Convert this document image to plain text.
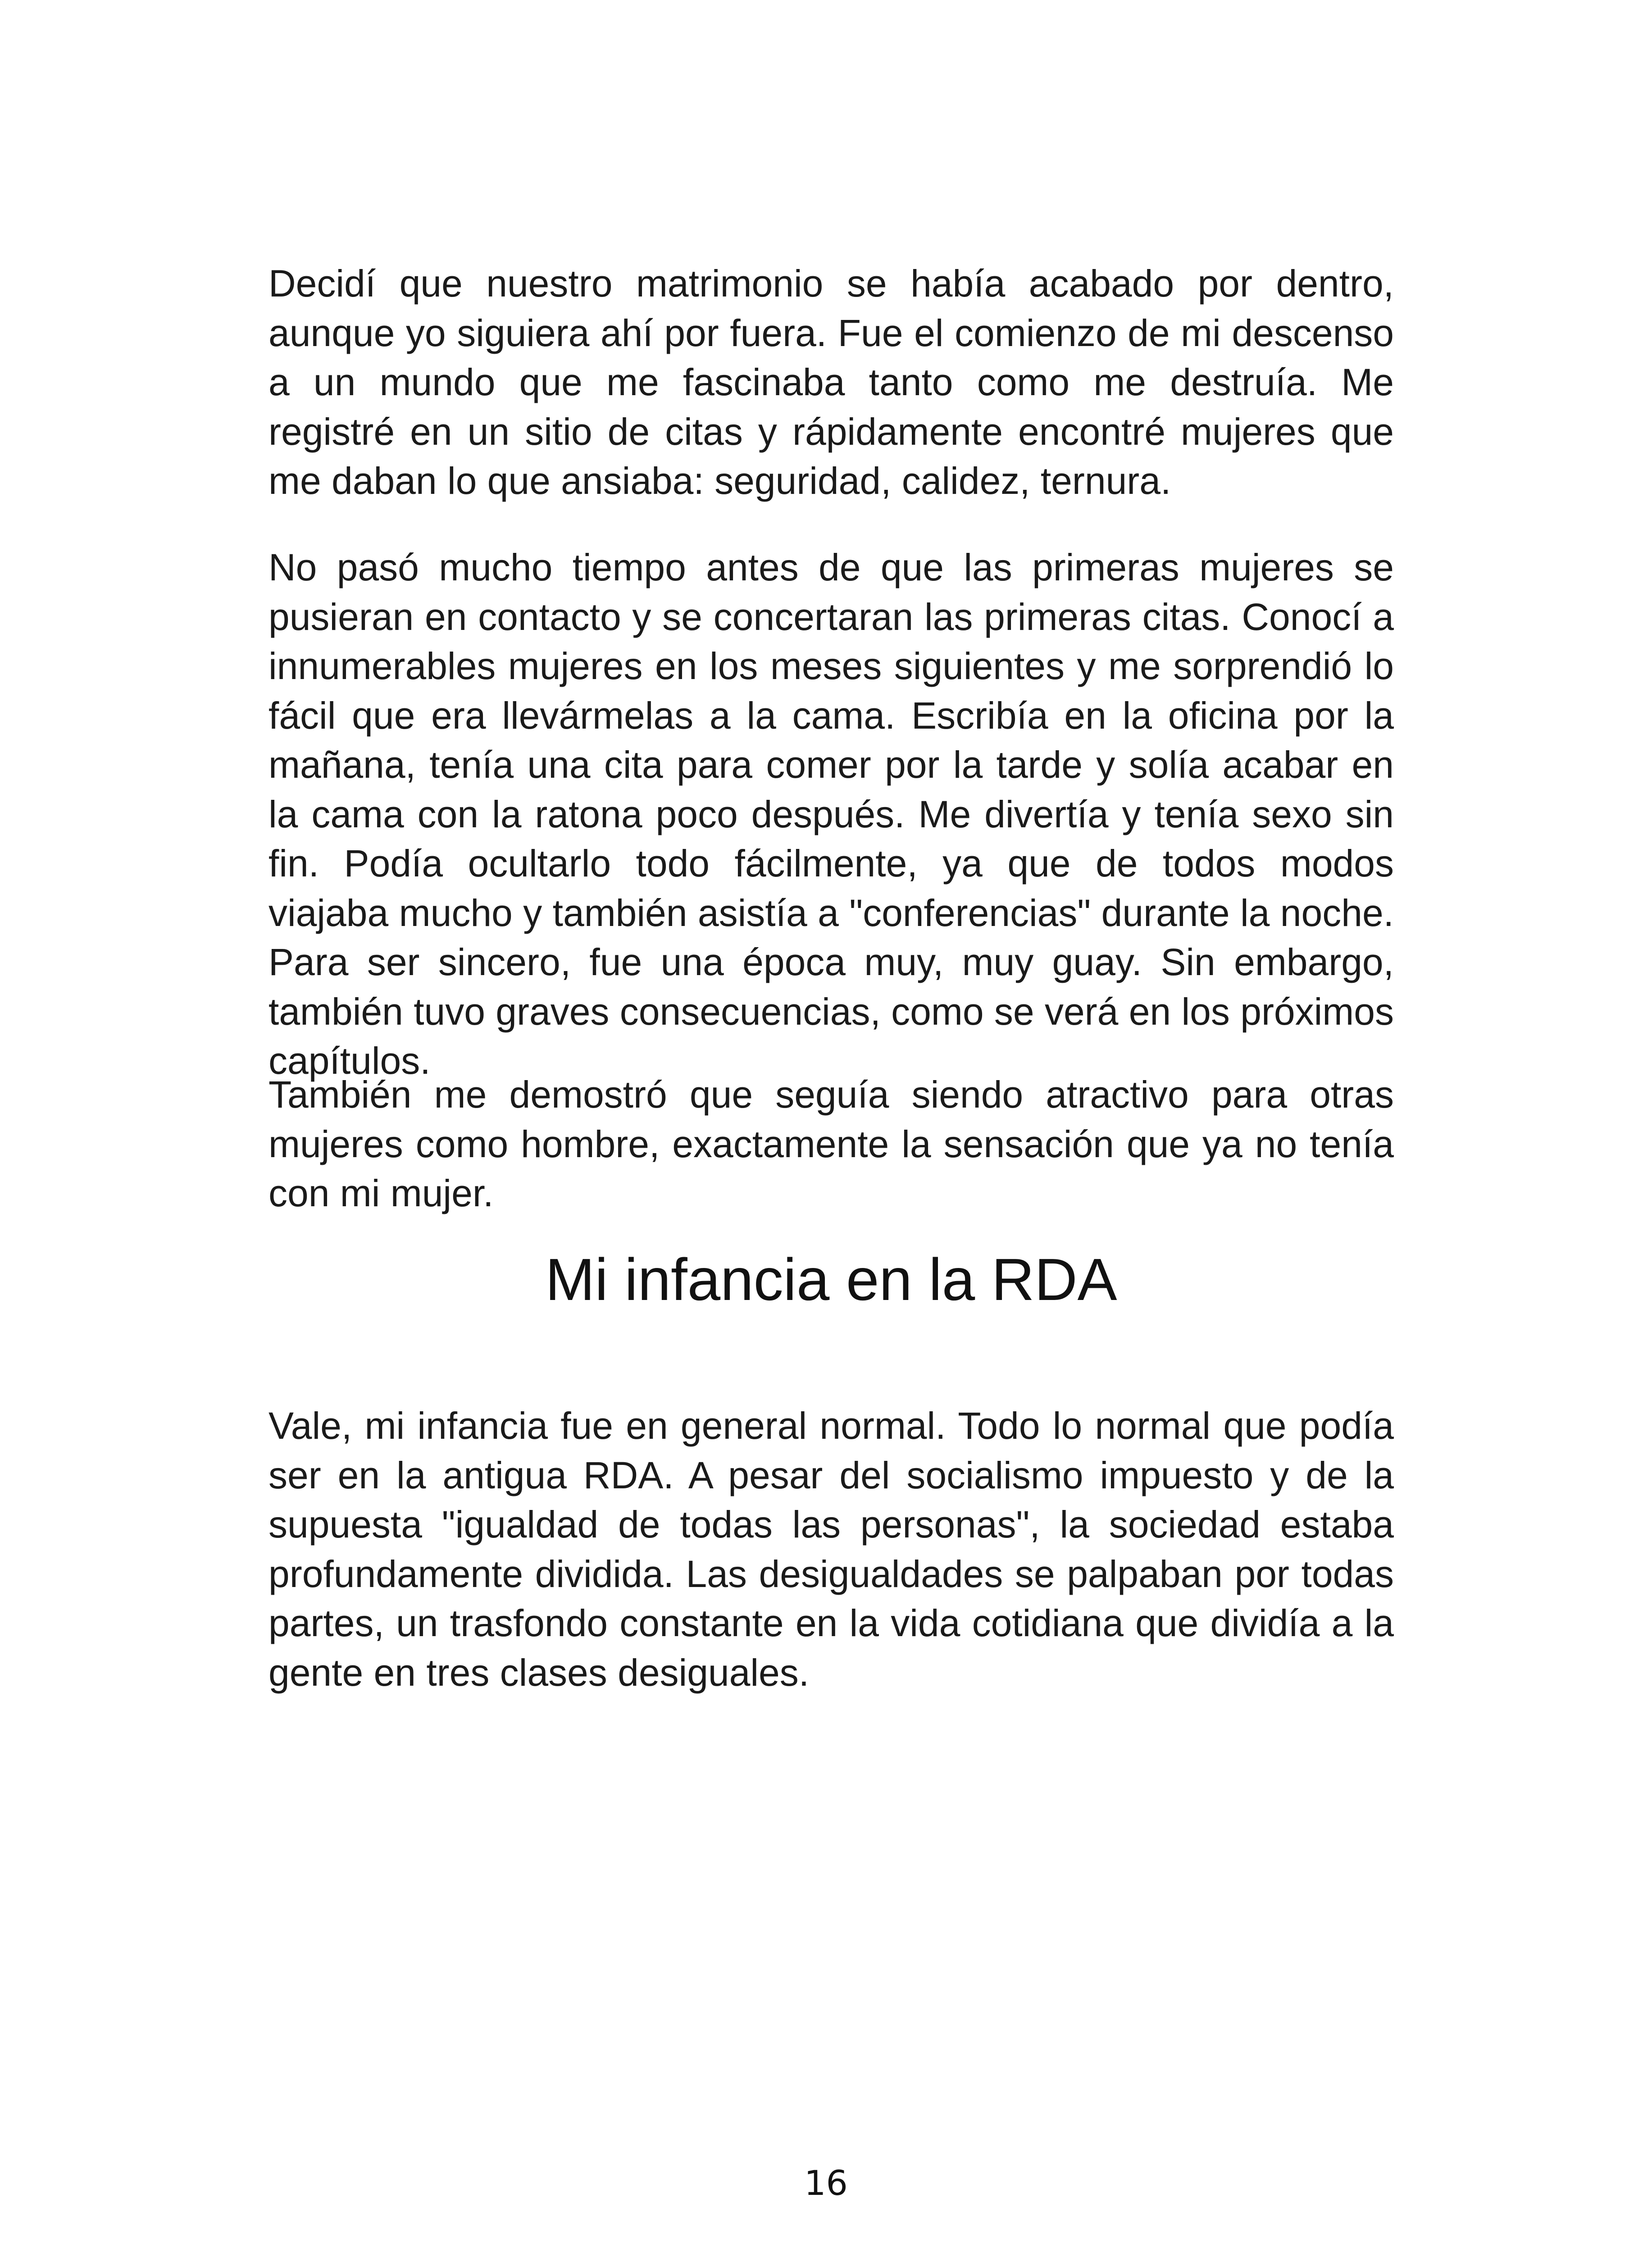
Decidí que nuestro matrimonio se había acabado por dentro, aunque yo siguiera ahí por fuera. Fue el comienzo de mi descenso a un mundo que me fascinaba tanto como me destruía. Me registré en un sitio de citas y rápidamente encontré mujeres que me daban lo que ansiaba: seguridad, calidez, ternura.

No pasó mucho tiempo antes de que las primeras mujeres se pusieran en contacto y se concertaran las primeras citas. Conocí a innumerables mujeres en los meses siguientes y me sorprendió lo fácil que era llevármelas a la cama. Escribía en la oficina por la mañana, tenía una cita para comer por la tarde y solía acabar en la cama con la ratona poco después. Me divertía y tenía sexo sin fin. Podía ocultarlo todo fácilmente, ya que de todos modos viajaba mucho y también asistía a "conferencias" durante la noche. Para ser sincero, fue una época muy, muy guay. Sin embargo, también tuvo graves consecuencias, como se verá en los próximos capítulos.

También me demostró que seguía siendo atractivo para otras mujeres como hombre, exactamente la sensación que ya no tenía con mi mujer.

Mi infancia en la RDA

Vale, mi infancia fue en general normal. Todo lo normal que podía ser en la antigua RDA. A pesar del socialismo impuesto y de la supuesta "igualdad de todas las personas", la sociedad estaba profundamente dividida. Las desigualdades se palpaban por todas partes, un trasfondo constante en la vida cotidiana que dividía a la gente en tres clases desiguales.

16
